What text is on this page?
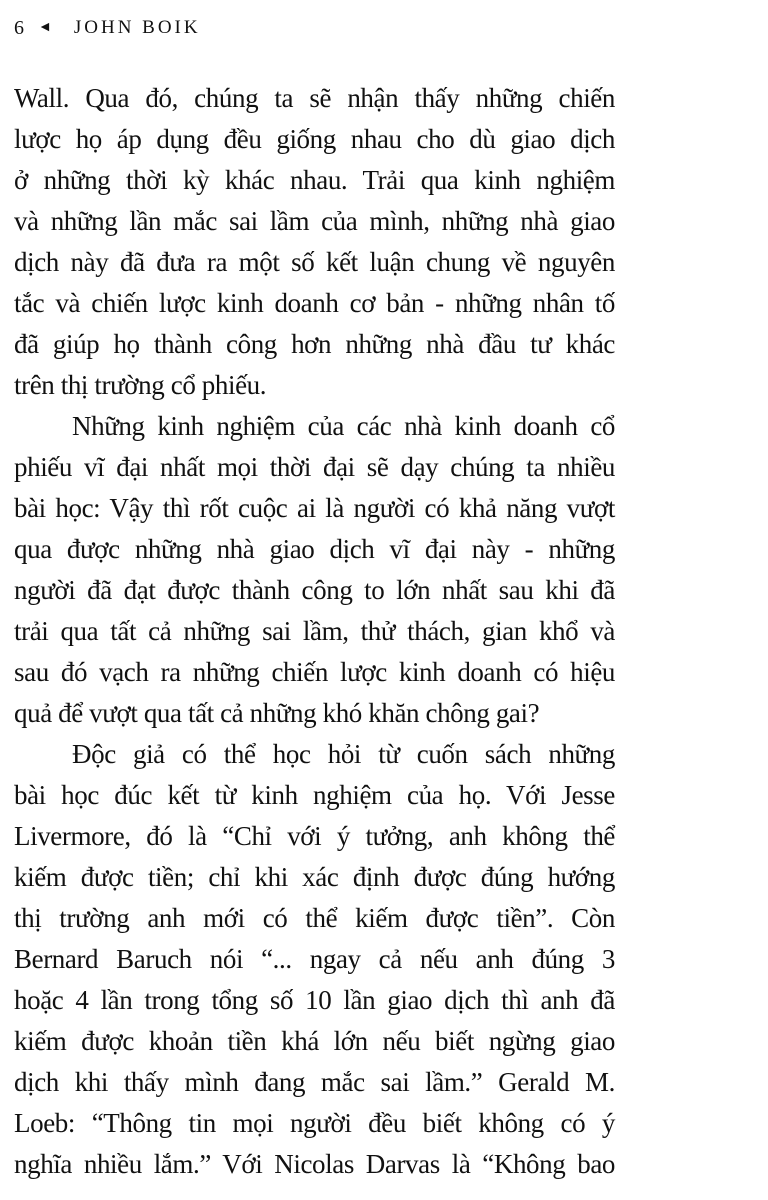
6 ◄ JOHN BOIK
Wall. Qua đó, chúng ta sẽ nhận thấy những chiến
lược họ áp dụng đều giống nhau cho dù giao dịch
ở những thời kỳ khác nhau. Trải qua kinh nghiệm
và những lần mắc sai lầm của mình, những nhà giao
dịch này đã đưa ra một số kết luận chung về nguyên
tắc và chiến lược kinh doanh cơ bản - những nhân tố
đã giúp họ thành công hơn những nhà đầu tư khác
trên thị trường cổ phiếu.
Những kinh nghiệm của các nhà kinh doanh cổ
phiếu vĩ đại nhất mọi thời đại sẽ dạy chúng ta nhiều
bài học: Vậy thì rốt cuộc ai là người có khả năng vượt
qua được những nhà giao dịch vĩ đại này - những
người đã đạt được thành công to lớn nhất sau khi đã
trải qua tất cả những sai lầm, thử thách, gian khổ và
sau đó vạch ra những chiến lược kinh doanh có hiệu
quả để vượt qua tất cả những khó khăn chông gai?
Độc giả có thể học hỏi từ cuốn sách những
bài học đúc kết từ kinh nghiệm của họ. Với Jesse
Livermore, đó là “Chỉ với ý tưởng, anh không thể
kiếm được tiền; chỉ khi xác định được đúng hướng
thị trường anh mới có thể kiếm được tiền”. Còn
Bernard Baruch nói “... ngay cả nếu anh đúng 3
hoặc 4 lần trong tổng số 10 lần giao dịch thì anh đã
kiếm được khoản tiền khá lớn nếu biết ngừng giao
dịch khi thấy mình đang mắc sai lầm.” Gerald M.
Loeb: “Thông tin mọi người đều biết không có ý
nghĩa nhiều lắm.” Với Nicolas Darvas là “Không bao
